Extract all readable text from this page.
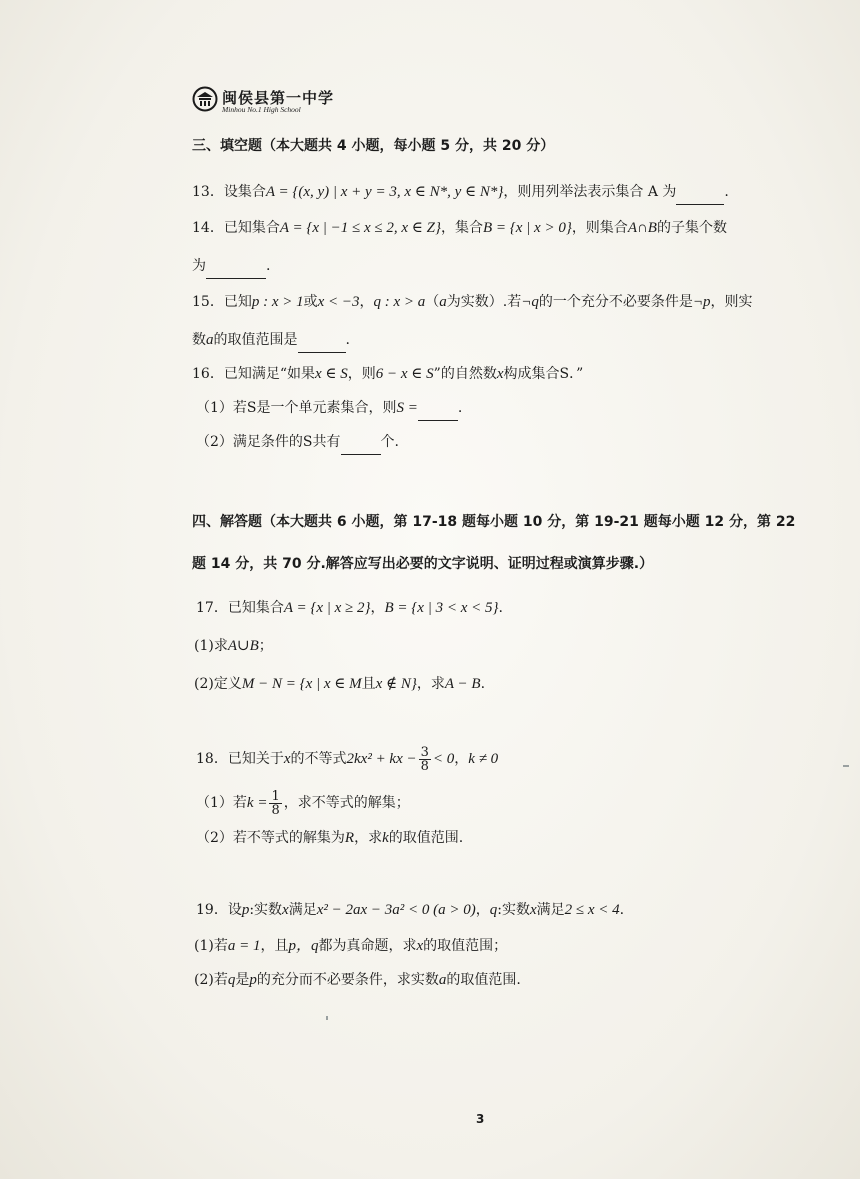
闽侯县第一中学
Minhou No.1 High School
三、填空题（本大题共 4 小题，每小题 5 分，共 20 分）
13．设集合A = {(x, y) | x + y = 3, x ∈ N*, y ∈ N*}，则用列举法表示集合 A 为	.
14．已知集合A = {x | −1 ≤ x ≤ 2, x ∈ Z}，集合B = {x | x > 0}，则集合A∩B的子集个数
为	.
15．已知p : x > 1或x < −3，q : x > a（a为实数）.若¬q的一个充分不必要条件是¬p，则实
数a的取值范围是	.
16．已知满足“如果x ∈ S，则6 − x ∈ S”的自然数x构成集合S．”
（1）若S是一个单元素集合，则S =	.
（2）满足条件的S共有	个.
四、解答题（本大题共 6 小题，第 17-18 题每小题 10 分，第 19-21 题每小题 12 分，第 22
题 14 分，共 70 分.解答应写出必要的文字说明、证明过程或演算步骤.）
17．已知集合A = {x | x ≥ 2}，B = {x | 3 < x < 5}.
(1)求A∪B；
(2)定义M − N = {x | x ∈ M且x ∉ N}，求A − B.
18．已知关于x的不等式2kx² + kx − $\frac{3}{8} < 0$，k ≠ 0
（1）若$k = \frac{1}{8}$ ，求不等式的解集；
（2）若不等式的解集为R，求k的取值范围.
19．设p:实数x满足x² − 2ax − 3a² < 0 (a > 0)，q:实数x满足2 ≤ x < 4.
(1)若a = 1，且p，q都为真命题，求x的取值范围；
(2)若q是p的充分而不必要条件，求实数a的取值范围.
3
